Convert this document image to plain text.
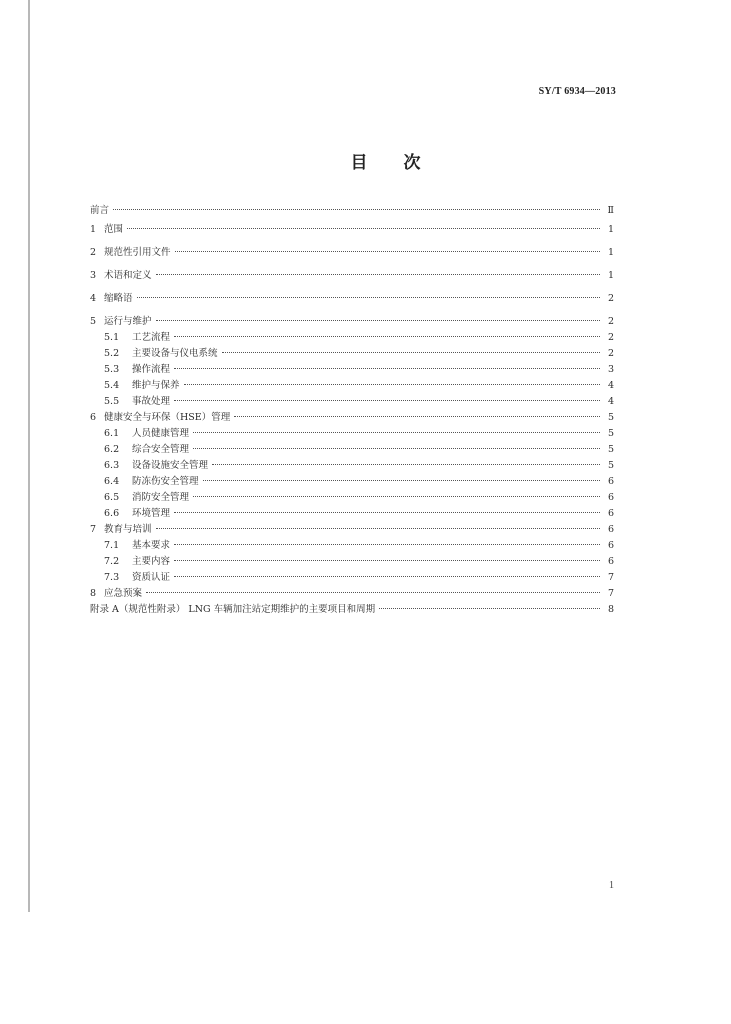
SY/T 6934—2013
目 次
前言	Ⅱ
1 范围	1
2 规范性引用文件	1
3 术语和定义	1
4 缩略语	2
5 运行与维护	2
5.1	工艺流程	2
5.2	主要设备与仪电系统	2
5.3	操作流程	3
5.4	维护与保养	4
5.5	事故处理	4
6 健康安全与环保（HSE）管理	5
6.1	人员健康管理	5
6.2	综合安全管理	5
6.3	设备设施安全管理	5
6.4	防冻伤安全管理	6
6.5	消防安全管理	6
6.6	环境管理	6
7 教育与培训	6
7.1	基本要求	6
7.2	主要内容	6
7.3	资质认证	7
8 应急预案	7
附录 A（规范性附录） LNG 车辆加注站定期维护的主要项目和周期	8
1
